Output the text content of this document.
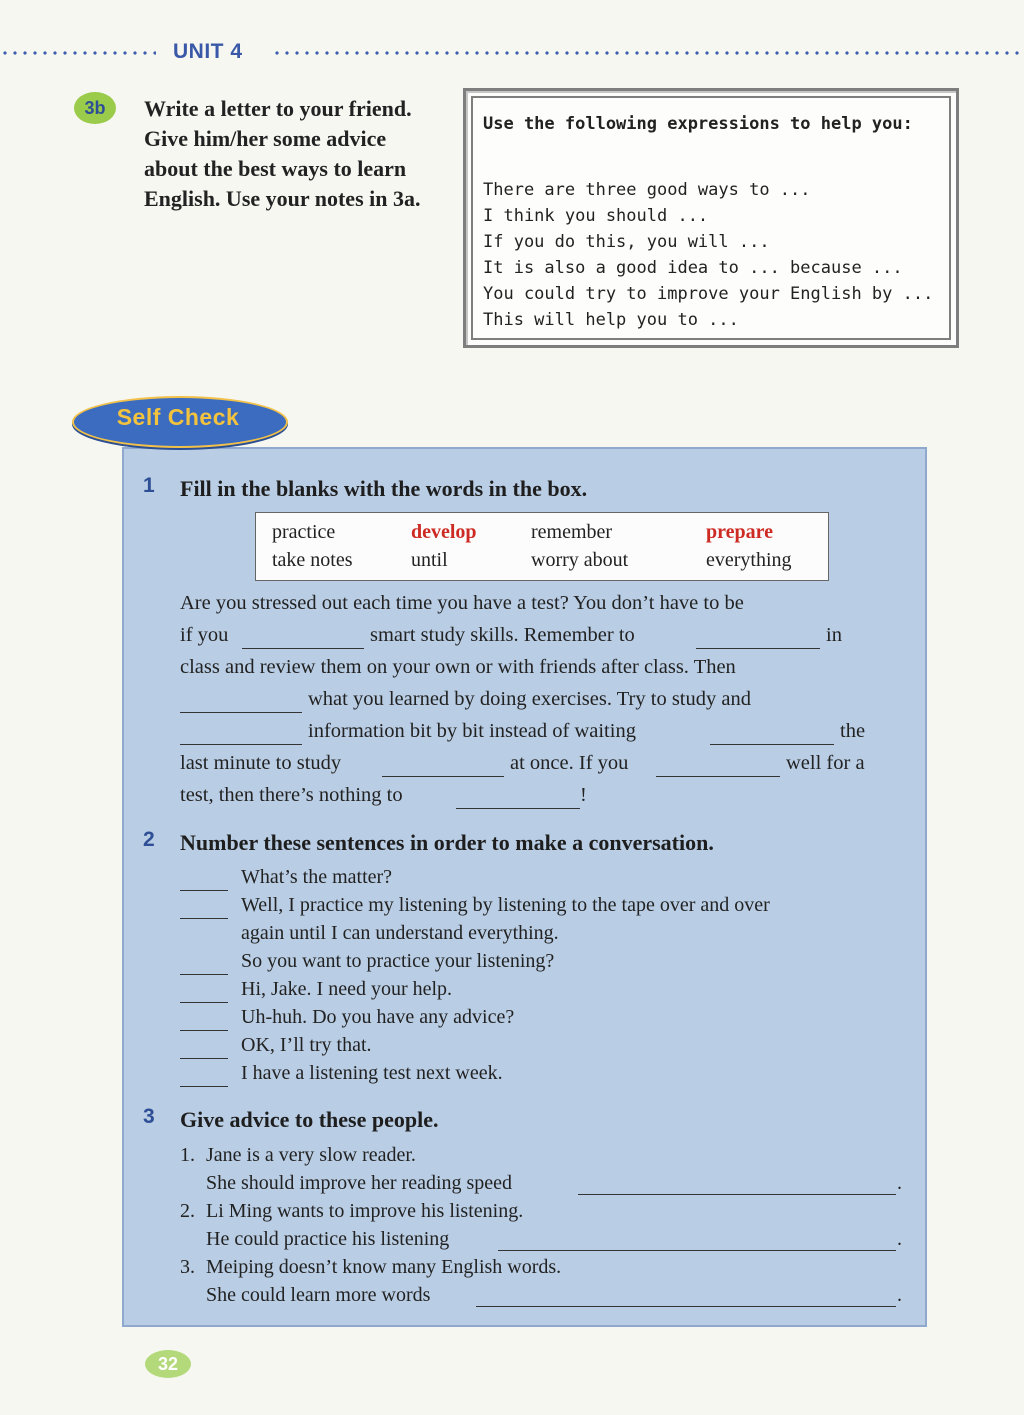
UNIT 4
3b	Write a letter to your friend. Give him/her some advice about the best ways to learn English. Use your notes in 3a.
Use the following expressions to help you:
There are three good ways to ...
I think you should ...
If you do this, you will ...
It is also a good idea to ... because ...
You could try to improve your English by ...
This will help you to ...
Self Check
1 Fill in the blanks with the words in the box.
practice	develop	remember	prepare
take notes	until	worry about	everything
Are you stressed out each time you have a test? You don’t have to be
if you	smart study skills. Remember to	in
class and review them on your own or with friends after class. Then
what you learned by doing exercises. Try to study and
information bit by bit instead of waiting	the
last minute to study	at once. If you	well for a
test, then there’s nothing to	!
2 Number these sentences in order to make a conversation.
What’s the matter?
Well, I practice my listening by listening to the tape over and over
again until I can understand everything.
So you want to practice your listening?
Hi, Jake. I need your help.
Uh-huh. Do you have any advice?
OK, I’ll try that.
I have a listening test next week.
3 Give advice to these people.
1. Jane is a very slow reader.
She should improve her reading speed	.
2. Li Ming wants to improve his listening.
He could practice his listening	.
3. Meiping doesn’t know many English words.
She could learn more words	.
32
